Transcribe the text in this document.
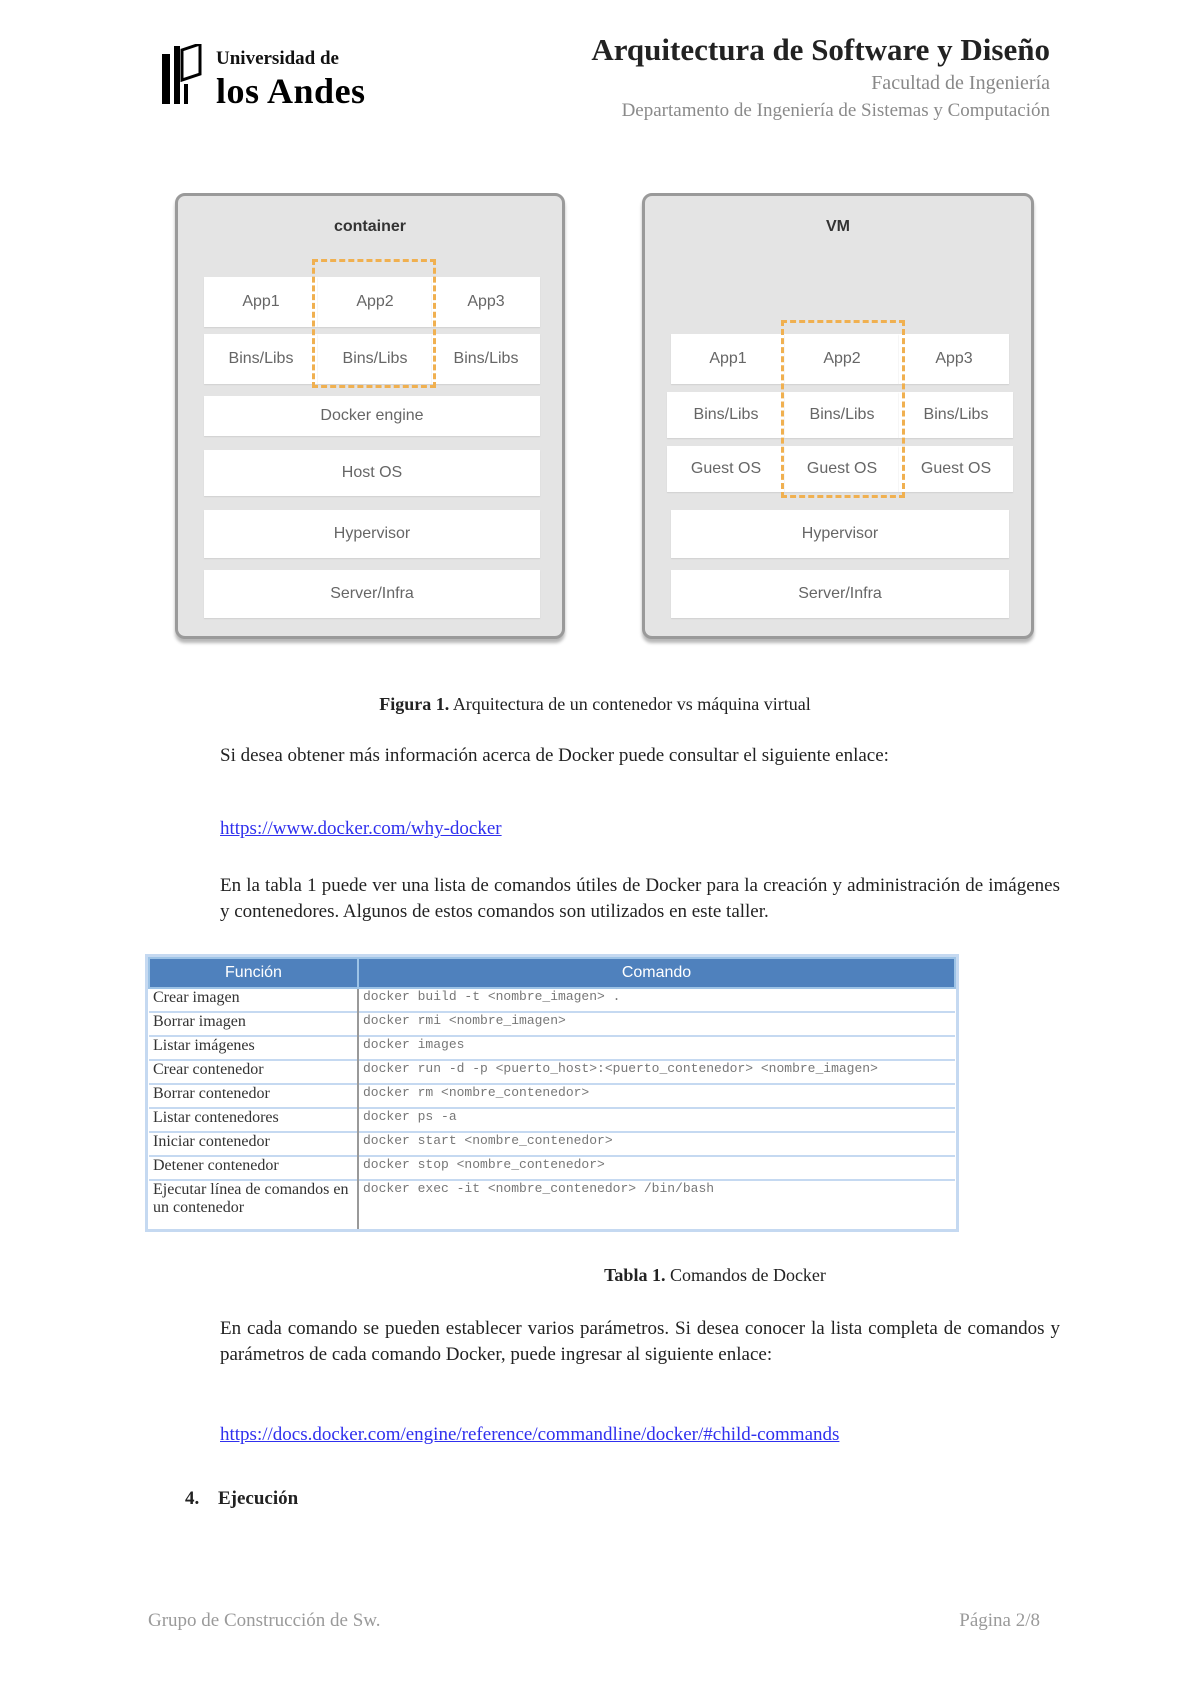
Universidad de
los Andes
Arquitectura de Software y Diseño
Facultad de Ingeniería
Departamento de Ingeniería de Sistemas y Computación
container
App1	App2	App3
Bins/Libs	Bins/Libs	Bins/Libs
Docker engine
Host OS
Hypervisor
Server/Infra
VM
App1	App2	App3
Bins/Libs	Bins/Libs	Bins/Libs
Guest OS	Guest OS	Guest OS
Hypervisor
Server/Infra
Figura 1. Arquitectura de un contenedor vs máquina virtual
Si desea obtener más información acerca de Docker puede consultar el siguiente enlace:
https://www.docker.com/why-docker
En la tabla 1 puede ver una lista de comandos útiles de Docker para la creación y administración de imágenes y contenedores. Algunos de estos comandos son utilizados en este taller.
Función	Comando
Crear imagen	docker build -t <nombre_imagen> .
Borrar imagen	docker rmi <nombre_imagen>
Listar imágenes	docker images
Crear contenedor	docker run -d -p <puerto_host>:<puerto_contenedor> <nombre_imagen>
Borrar contenedor	docker rm <nombre_contenedor>
Listar contenedores	docker ps -a
Iniciar contenedor	docker start <nombre_contenedor>
Detener contenedor	docker stop <nombre_contenedor>
Ejecutar línea de comandos en un contenedor	docker exec -it <nombre_contenedor> /bin/bash
Tabla 1. Comandos de Docker
En cada comando se pueden establecer varios parámetros. Si desea conocer la lista completa de comandos y parámetros de cada comando Docker, puede ingresar al siguiente enlace:
https://docs.docker.com/engine/reference/commandline/docker/#child-commands
4. Ejecución
Grupo de Construcción de Sw.	Página 2/8
